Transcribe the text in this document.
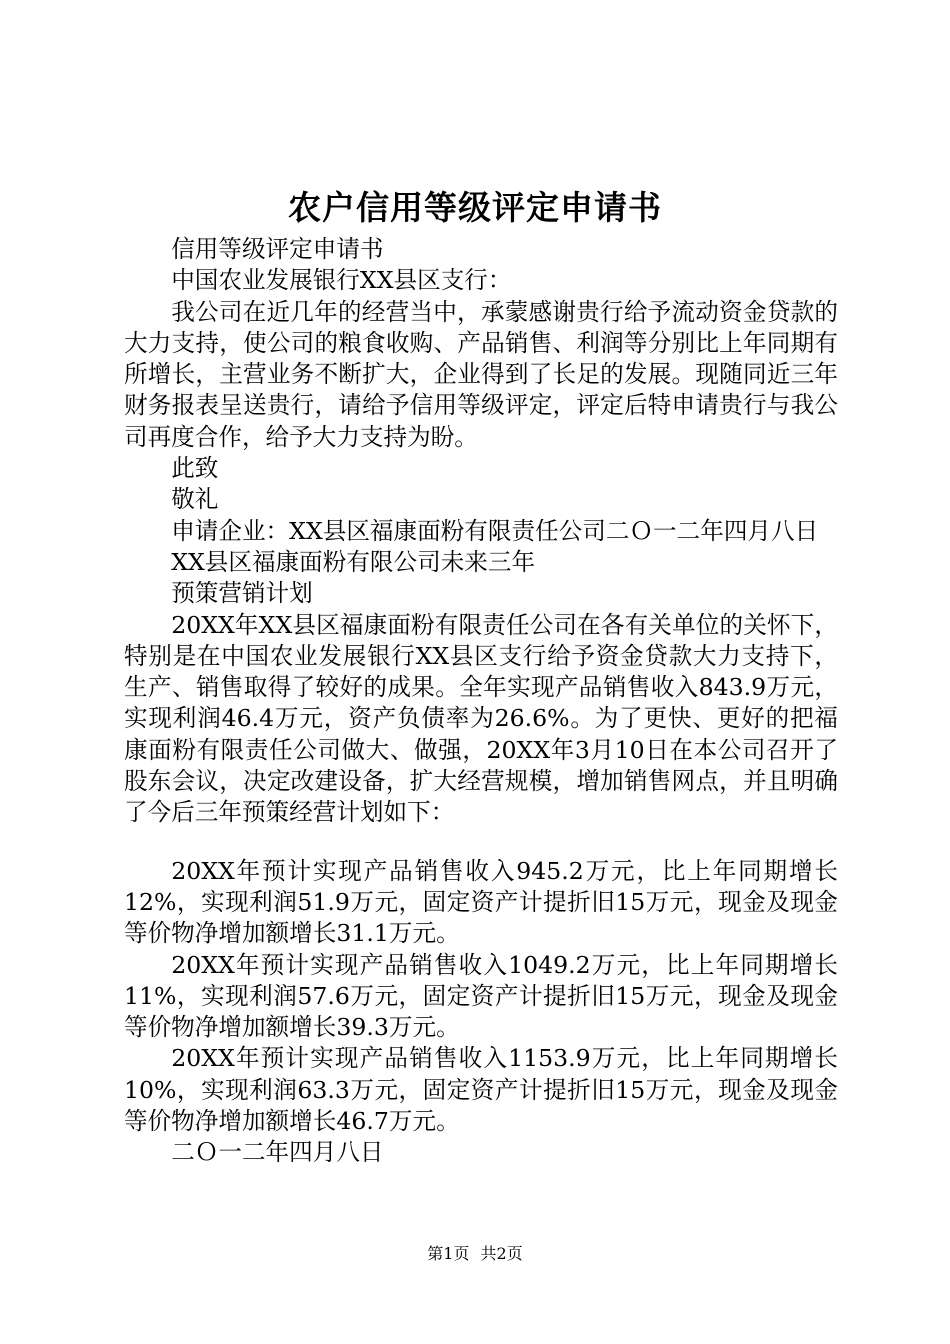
农户信用等级评定申请书

信用等级评定申请书

中国农业发展银行XX县区支行：

我公司在近几年的经营当中，承蒙感谢贵行给予流动资金贷款的大力支持，使公司的粮食收购、产品销售、利润等分别比上年同期有所增长，主营业务不断扩大，企业得到了长足的发展。现随同近三年财务报表呈送贵行，请给予信用等级评定，评定后特申请贵行与我公司再度合作，给予大力支持为盼。

此致

敬礼

申请企业：XX县区福康面粉有限责任公司二Ｏ一二年四月八日

XX县区福康面粉有限公司未来三年

预策营销计划

20XX年XX县区福康面粉有限责任公司在各有关单位的关怀下，特别是在中国农业发展银行XX县区支行给予资金贷款大力支持下，生产、销售取得了较好的成果。全年实现产品销售收入843.9万元，实现利润46.4万元，资产负债率为26.6%。为了更快、更好的把福康面粉有限责任公司做大、做强，20XX年3月10日在本公司召开了股东会议，决定改建设备，扩大经营规模，增加销售网点，并且明确了今后三年预策经营计划如下：

20XX年预计实现产品销售收入945.2万元，比上年同期增长12%，实现利润51.9万元，固定资产计提折旧15万元，现金及现金等价物净增加额增长31.1万元。

20XX年预计实现产品销售收入1049.2万元，比上年同期增长11%，实现利润57.6万元，固定资产计提折旧15万元，现金及现金等价物净增加额增长39.3万元。

20XX年预计实现产品销售收入1153.9万元，比上年同期增长10%，实现利润63.3万元，固定资产计提折旧15万元，现金及现金等价物净增加额增长46.7万元。

二Ｏ一二年四月八日

第1页 共2页
